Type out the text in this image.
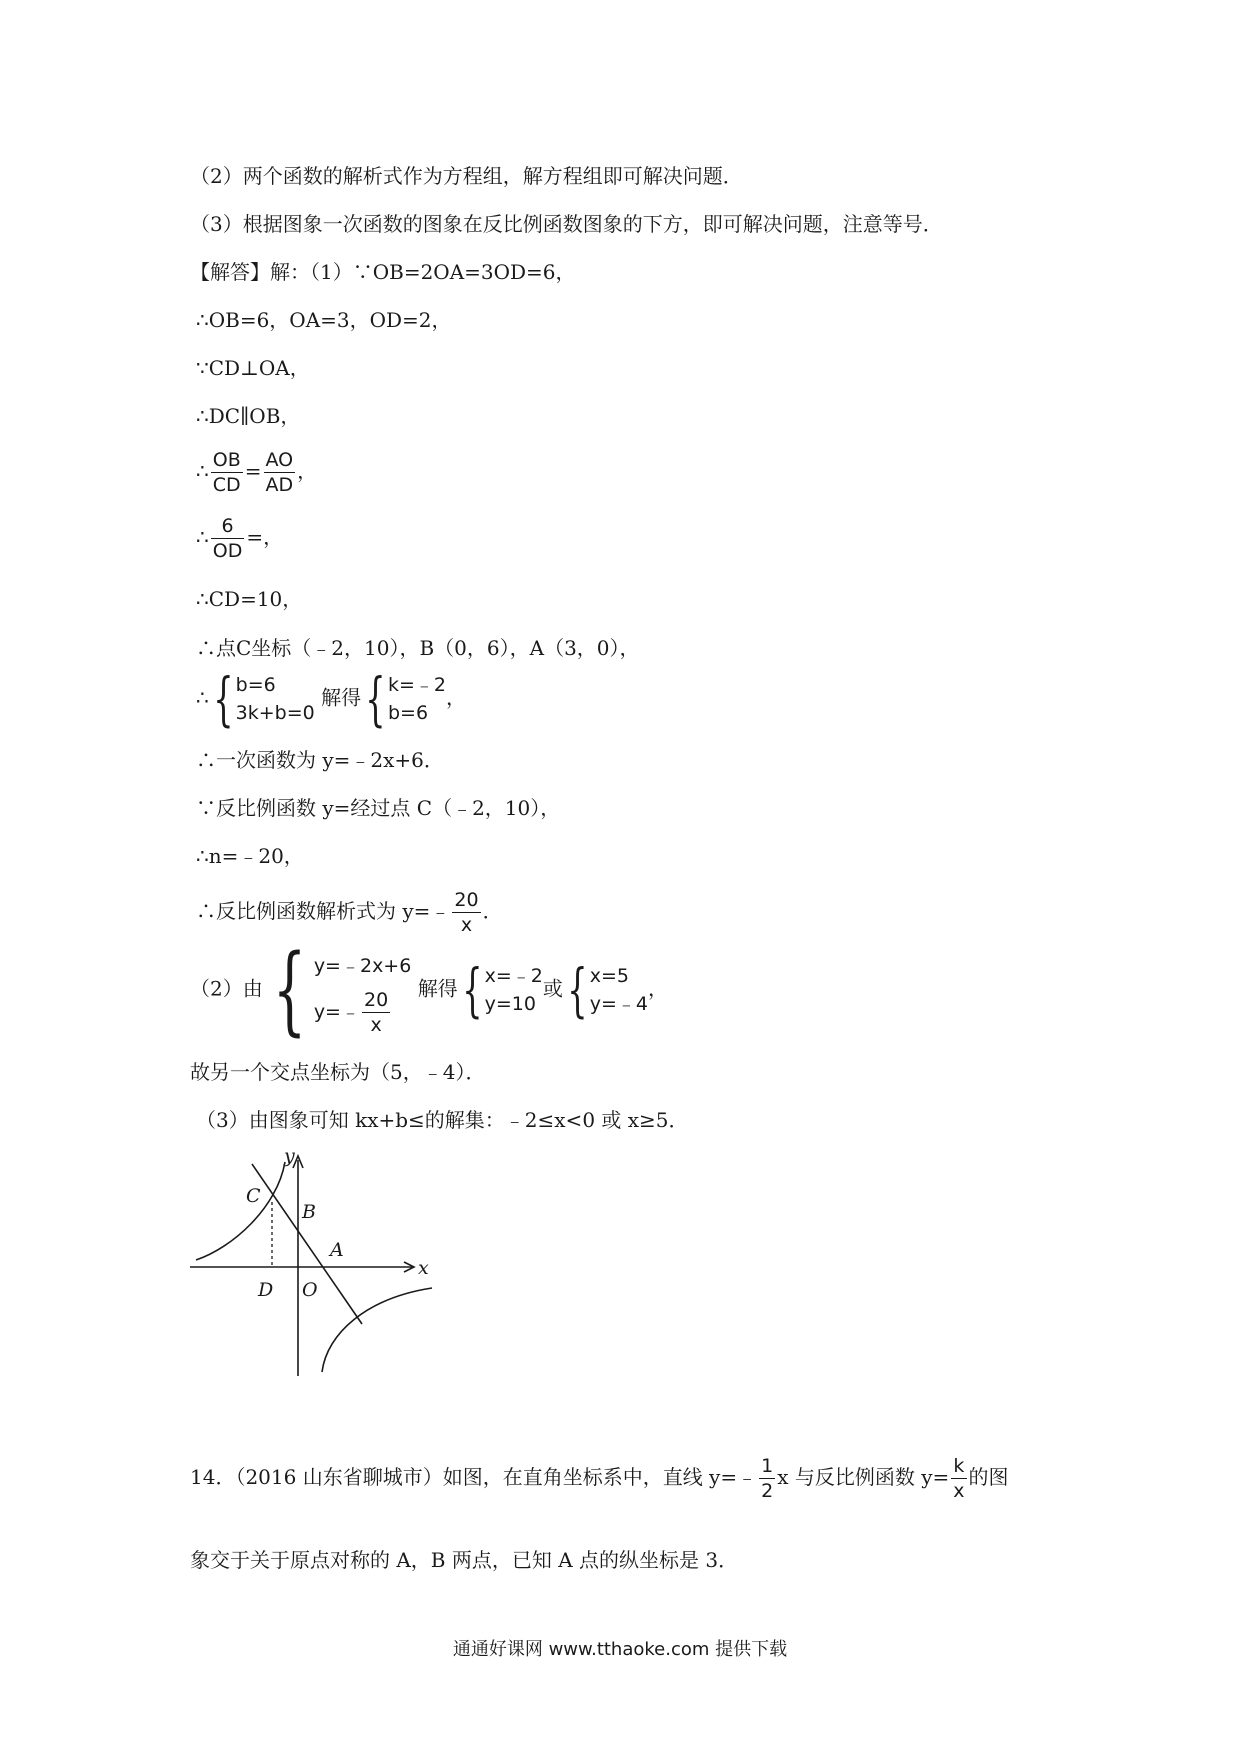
（2）两个函数的解析式作为方程组，解方程组即可解决问题．
（3）根据图象一次函数的图象在反比例函数图象的下方，即可解决问题，注意等号．
【解答】解：（1）∵OB=2OA=3OD=6，
∴OB=6，OA=3，OD=2，
∵CD⊥OA，
∴DC∥OB，
∴ $\frac{OB}{CD} = \frac{AO}{AD}$ ，
∴ $\frac{6}{OD}$ =，
∴CD=10，
∴点C坐标（﹣2，10），B（0，6），A（3，0），
∴{ b=6
3k+b=0
解得{ k=﹣2
b=6
，
∴一次函数为 y=﹣2x+6．
∵反比例函数 y=经过点 C（﹣2，10），
∴n=﹣20，
∴反比例函数解析式为 y=﹣ $\frac{20}{x}$ ．
（2）由 { y=﹣2x+6
y=﹣ $\frac{20}{x}$ 解得{ x=﹣2
y=10
或{ x=5
y=﹣4
，
故另一个交点坐标为（5，﹣4）．
（3）由图象可知 kx+b≤的解集：﹣2≤x<0 或 x≥5．
y
x
C
B
A
D O
14．（2016 山东省聊城市）如图，在直角坐标系中，直线 y=﹣ $\frac{1}{2}$ x 与反比例函数 $y= \frac{k}{x}$ 的图
象交于关于原点对称的 A，B 两点，已知 A 点的纵坐标是 3．
通通好课网 www.tthaoke.com 提供下载
